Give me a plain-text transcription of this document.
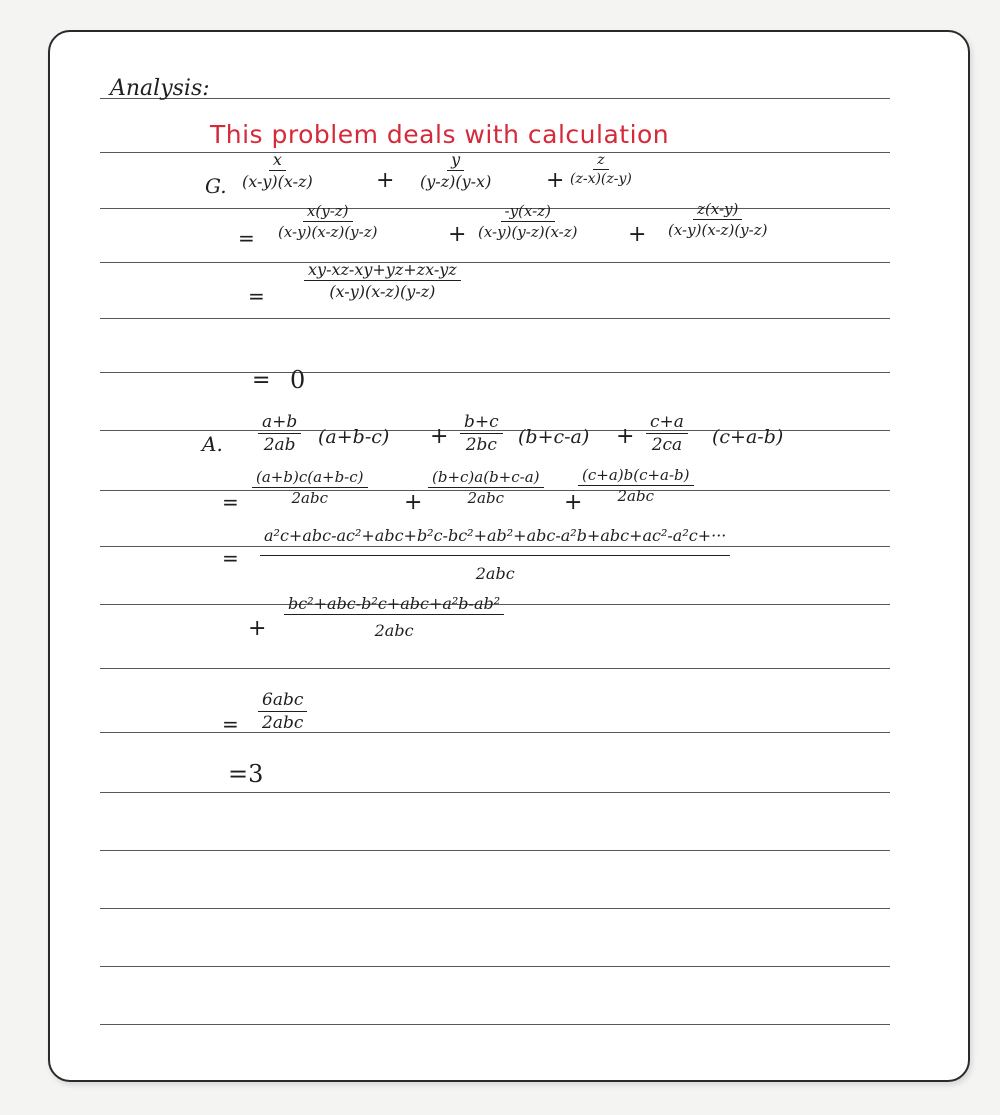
Analysis:
This problem deals with calculation
G. $\frac{x}{(x-y)(x-z)}$	+ $\frac{y}{(y-z)(y-x)} + \frac{z}{(z-x)(z-y)}$
= $\frac{x(y-z)}{(x-y)(x-z)(y-z)}$	+ $\frac{-y(x-z)}{(x-y)(y-z)(x-z)} + \frac{z(x-y)}{(x-y)(x-z)(y-z)}$
= $\frac{xy-xz-xy+yz+zx-yz}{(x-y)(x-z)(y-z)}$
= 0
A. $\frac{a+b}{2ab} (a+b-c) + \frac{b+c}{2bc} (b+c-a) + \frac{c+a}{2ca} (c+a-b)$
=
(a+b)c(a+b-c)
2abc	+
(b+c)a(b+c-a)
2abc	+
(c+a)b(c+a-b)
2abc
=
a²c+abc-ac²+abc+b²c-bc²+ab²+abc-a²b+abc+ac²-a²c+···
2abc
+
bc²+abc-b²c+abc+a²b-ab²
2abc
=
6abc
2abc
=3
